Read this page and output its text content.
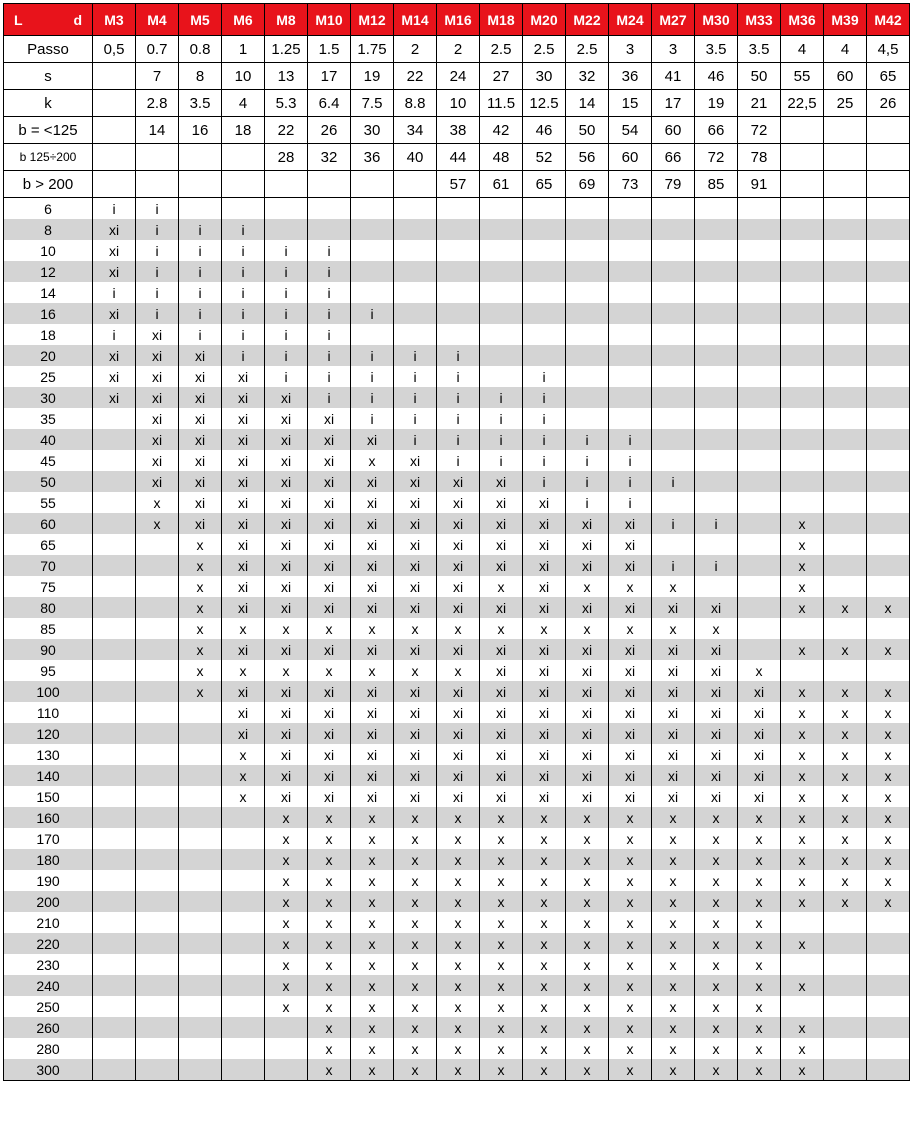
L d	M3	M4	M5	M6	M8	M10	M12	M14	M16	M18	M20	M22	M24	M27	M30	M33	M36	M39	M42
Passo	0,5	0.7	0.8	1	1.25	1.5	1.75	2	2	2.5	2.5	2.5	3	3	3.5	3.5	4	4	4,5
s		7	8	10	13	17	19	22	24	27	30	32	36	41	46	50	55	60	65
k		2.8	3.5	4	5.3	6.4	7.5	8.8	10	11.5	12.5	14	15	17	19	21	22,5	25	26
b = <125		14	16	18	22	26	30	34	38	42	46	50	54	60	66	72			
b 125÷200					28	32	36	40	44	48	52	56	60	66	72	78			
b > 200									57	61	65	69	73	79	85	91			
6	i	i																	
8	xi	i	i	i															
10	xi	i	i	i	i	i													
12	xi	i	i	i	i	i													
14	i	i	i	i	i	i													
16	xi	i	i	i	i	i	i												
18	i	xi	i	i	i	i													
20	xi	xi	xi	i	i	i	i	i	i										
25	xi	xi	xi	xi	i	i	i	i	i		i								
30	xi	xi	xi	xi	xi	i	i	i	i	i	i								
35		xi	xi	xi	xi	xi	i	i	i	i	i								
40		xi	xi	xi	xi	xi	xi	i	i	i	i	i	i						
45		xi	xi	xi	xi	xi	x	xi	i	i	i	i	i						
50		xi	xi	xi	xi	xi	xi	xi	xi	xi	i	i	i	i					
55		x	xi	xi	xi	xi	xi	xi	xi	xi	xi	i	i						
60		x	xi	xi	xi	xi	xi	xi	xi	xi	xi	xi	xi	i	i		x		
65			x	xi	xi	xi	xi	xi	xi	xi	xi	xi	xi				x		
70			x	xi	xi	xi	xi	xi	xi	xi	xi	xi	xi	i	i		x		
75			x	xi	xi	xi	xi	xi	xi	x	xi	x	x	x			x		
80			x	xi	xi	xi	xi	xi	xi	xi	xi	xi	xi	xi	xi		x	x	x
85			x	x	x	x	x	x	x	x	x	x	x	x	x				
90			x	xi	xi	xi	xi	xi	xi	xi	xi	xi	xi	xi	xi		x	x	x
95			x	x	x	x	x	x	x	xi	xi	xi	xi	xi	xi	x			
100			x	xi	xi	xi	xi	xi	xi	xi	xi	xi	xi	xi	xi	xi	x	x	x
110				xi	xi	xi	xi	xi	xi	xi	xi	xi	xi	xi	xi	xi	x	x	x
120				xi	xi	xi	xi	xi	xi	xi	xi	xi	xi	xi	xi	xi	x	x	x
130				x	xi	xi	xi	xi	xi	xi	xi	xi	xi	xi	xi	xi	x	x	x
140				x	xi	xi	xi	xi	xi	xi	xi	xi	xi	xi	xi	xi	x	x	x
150				x	xi	xi	xi	xi	xi	xi	xi	xi	xi	xi	xi	xi	x	x	x
160					x	x	x	x	x	x	x	x	x	x	x	x	x	x	x
170					x	x	x	x	x	x	x	x	x	x	x	x	x	x	x
180					x	x	x	x	x	x	x	x	x	x	x	x	x	x	x
190					x	x	x	x	x	x	x	x	x	x	x	x	x	x	x
200					x	x	x	x	x	x	x	x	x	x	x	x	x	x	x
210					x	x	x	x	x	x	x	x	x	x	x	x			
220					x	x	x	x	x	x	x	x	x	x	x	x	x		
230					x	x	x	x	x	x	x	x	x	x	x	x			
240					x	x	x	x	x	x	x	x	x	x	x	x	x		
250					x	x	x	x	x	x	x	x	x	x	x	x			
260						x	x	x	x	x	x	x	x	x	x	x	x		
280						x	x	x	x	x	x	x	x	x	x	x	x		
300						x	x	x	x	x	x	x	x	x	x	x	x		
